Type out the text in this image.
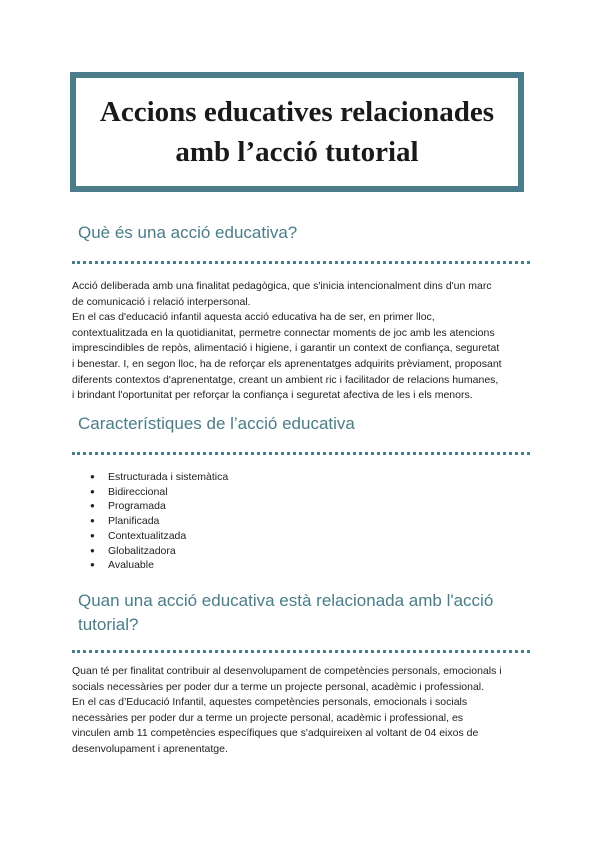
Accions educatives relacionades
amb l’acció tutorial
Què és una acció educativa?

Acció deliberada amb una finalitat pedagògica, que s'inicia intencionalment dins d'un marc

de comunicació i relació interpersonal.

En el cas d'educació infantil aquesta acció educativa ha de ser, en primer lloc,

contextualitzada en la quotidianitat, permetre connectar moments de joc amb les atencions

imprescindibles de repòs, alimentació i higiene, i garantir un context de confiança, seguretat

i benestar. I, en segon lloc, ha de reforçar els aprenentatges adquirits prèviament, proposant

diferents contextos d'aprenentatge, creant un ambient ric i facilitador de relacions humanes,

i brindant l'oportunitat per reforçar la confiança i seguretat afectiva de les i els menors.

Característiques de l’acció educativa
● Estructurada i sistemàtica
● Bidireccional
● Programada
● Planificada
● Contextualitzada
● Globalitzadora
● Avaluable
Quan una acció educativa està relacionada amb l'acció
tutorial?

Quan té per finalitat contribuir al desenvolupament de competències personals, emocionals i

socials necessàries per poder dur a terme un projecte personal, acadèmic i professional.

En el cas d’Educació Infantil, aquestes competències personals, emocionals i socials

necessàries per poder dur a terme un projecte personal, acadèmic i professional, es

vinculen amb 11 competències específiques que s'adquireixen al voltant de 04 eixos de

desenvolupament i aprenentatge.
